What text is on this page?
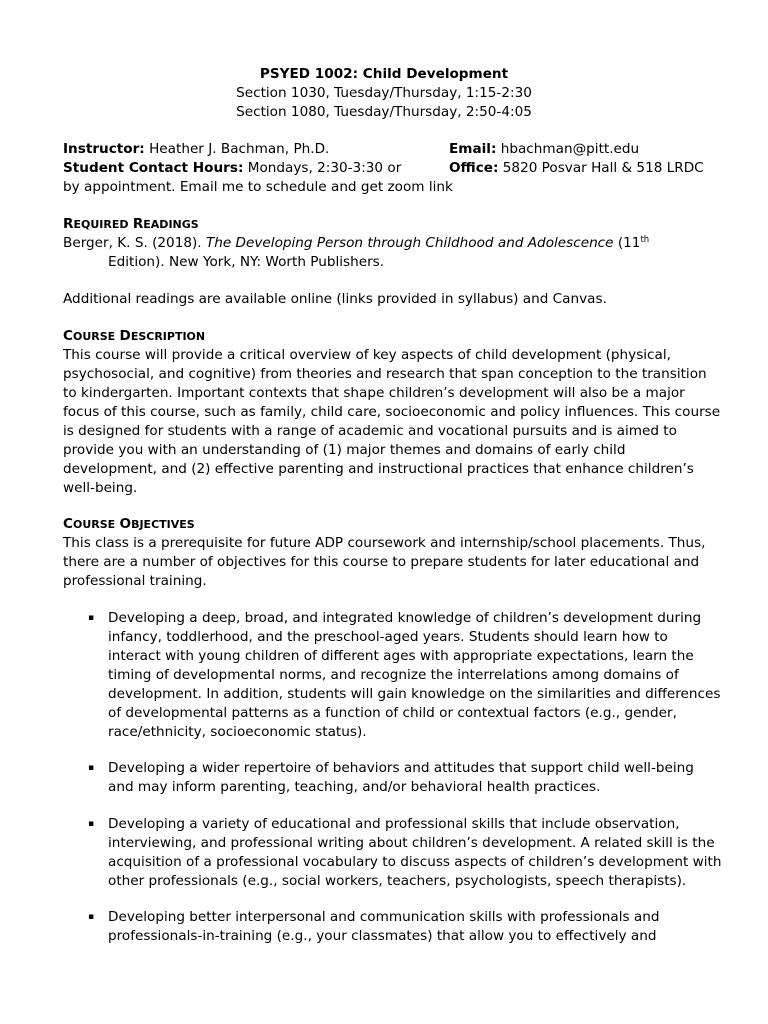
PSYED 1002: Child Development
Section 1030, Tuesday/Thursday, 1:15-2:30
Section 1080, Tuesday/Thursday, 2:50-4:05
Instructor: Heather J. Bachman, Ph.D.	Email: hbachman@pitt.edu
Student Contact Hours: Mondays, 2:30-3:30 or	Office: 5820 Posvar Hall & 518 LRDC
by appointment. Email me to schedule and get zoom link
REQUIRED READINGS
Berger, K. S. (2018). The Developing Person through Childhood and Adolescence (11th
Edition). New York, NY: Worth Publishers.
Additional readings are available online (links provided in syllabus) and Canvas.
COURSE DESCRIPTION
This course will provide a critical overview of key aspects of child development (physical,
psychosocial, and cognitive) from theories and research that span conception to the transition
to kindergarten. Important contexts that shape children’s development will also be a major
focus of this course, such as family, child care, socioeconomic and policy influences. This course
is designed for students with a range of academic and vocational pursuits and is aimed to
provide you with an understanding of (1) major themes and domains of early child
development, and (2) effective parenting and instructional practices that enhance children’s
well-being.
COURSE OBJECTIVES
This class is a prerequisite for future ADP coursework and internship/school placements. Thus,
there are a number of objectives for this course to prepare students for later educational and
professional training.
▪ Developing a deep, broad, and integrated knowledge of children’s development during
infancy, toddlerhood, and the preschool-aged years. Students should learn how to
interact with young children of different ages with appropriate expectations, learn the
timing of developmental norms, and recognize the interrelations among domains of
development. In addition, students will gain knowledge on the similarities and differences
of developmental patterns as a function of child or contextual factors (e.g., gender,
race/ethnicity, socioeconomic status).
▪ Developing a wider repertoire of behaviors and attitudes that support child well-being
and may inform parenting, teaching, and/or behavioral health practices.
▪ Developing a variety of educational and professional skills that include observation,
interviewing, and professional writing about children’s development. A related skill is the
acquisition of a professional vocabulary to discuss aspects of children’s development with
other professionals (e.g., social workers, teachers, psychologists, speech therapists).
▪ Developing better interpersonal and communication skills with professionals and
professionals-in-training (e.g., your classmates) that allow you to effectively and
